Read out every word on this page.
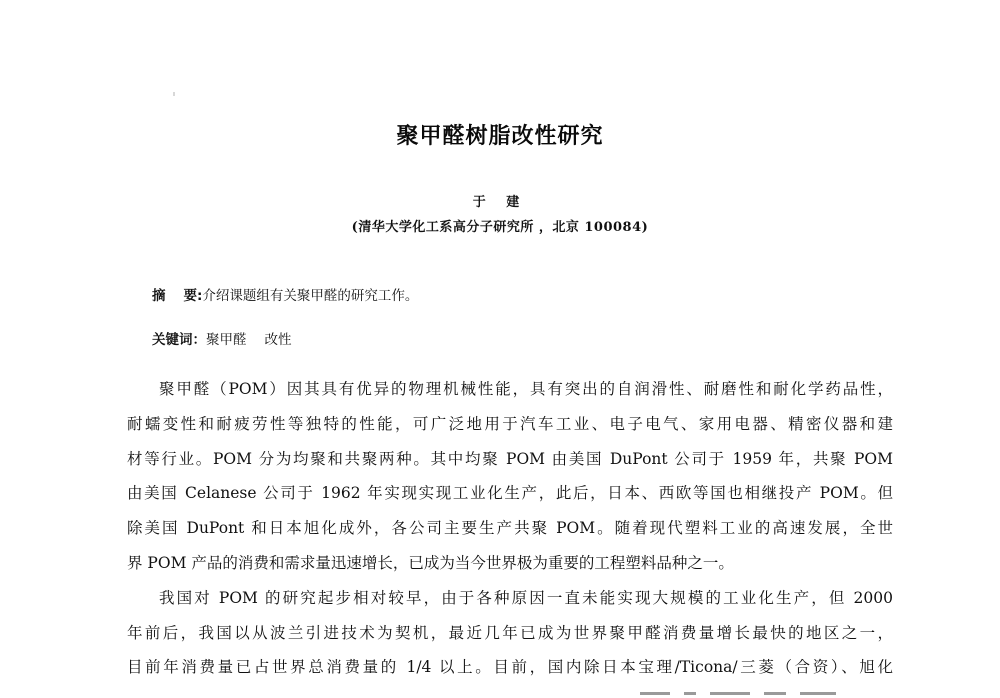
聚甲醛树脂改性研究
于 建
(清华大学化工系高分子研究所 ，北京 100084)
摘 要:介绍课题组有关聚甲醛的研究工作。
关键词：聚甲醛 改性
聚甲醛（POM）因其具有优异的物理机械性能，具有突出的自润滑性、耐磨性和耐化学药品性，
耐蠕变性和耐疲劳性等独特的性能，可广泛地用于汽车工业、电子电气、家用电器、精密仪器和建
材等行业。POM 分为均聚和共聚两种。其中均聚 POM 由美国 DuPont 公司于 1959 年，共聚 POM
由美国 Celanese 公司于 1962 年实现实现工业化生产，此后，日本、西欧等国也相继投产 POM。但
除美国 DuPont 和日本旭化成外，各公司主要生产共聚 POM。随着现代塑料工业的高速发展，全世
界 POM 产品的消费和需求量迅速增长，已成为当今世界极为重要的工程塑料品种之一。
我国对 POM 的研究起步相对较早，由于各种原因一直未能实现大规模的工业化生产，但 2000
年前后，我国以从波兰引进技术为契机，最近几年已成为世界聚甲醛消费量增长最快的地区之一，
目前年消费量已占世界总消费量的 1/4 以上。目前，国内除日本宝理/Ticona/三菱（合资）、旭化
